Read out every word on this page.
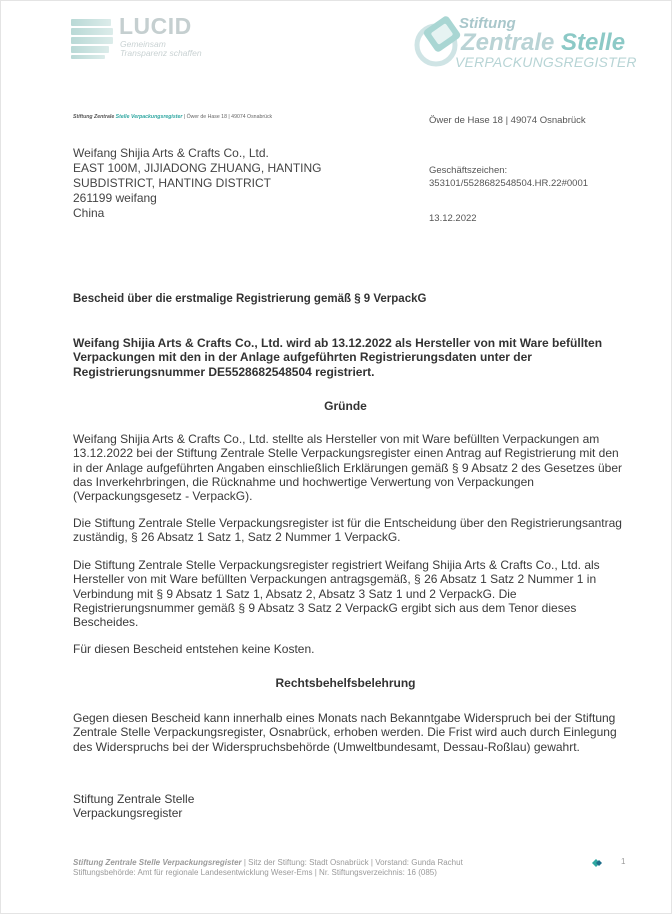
LUCID
Gemeinsam
Transparenz schaffen
Stiftung
Zentrale Stelle
VERPACKUNGSREGISTER
Stiftung Zentrale Stelle Verpackungsregister | Öwer de Hase 18 | 49074 Osnabrück	Öwer de Hase 18 | 49074 Osnabrück
Weifang Shijia Arts & Crafts Co., Ltd.
EAST 100M, JIJIADONG ZHUANG, HANTING
SUBDISTRICT, HANTING DISTRICT
261199 weifang
China
Geschäftszeichen:
353101/5528682548504.HR.22#0001
13.12.2022
Bescheid über die erstmalige Registrierung gemäß § 9 VerpackG
Weifang Shijia Arts & Crafts Co., Ltd. wird ab 13.12.2022 als Hersteller von mit Ware befüllten Verpackungen mit den in der Anlage aufgeführten Registrierungsdaten unter der Registrierungsnummer DE5528682548504 registriert.
Gründe
Weifang Shijia Arts & Crafts Co., Ltd. stellte als Hersteller von mit Ware befüllten Verpackungen am 13.12.2022 bei der Stiftung Zentrale Stelle Verpackungsregister einen Antrag auf Registrierung mit den in der Anlage aufgeführten Angaben einschließlich Erklärungen gemäß § 9 Absatz 2 des Gesetzes über das Inverkehrbringen, die Rücknahme und hochwertige Verwertung von Verpackungen (Verpackungsgesetz - VerpackG).
Die Stiftung Zentrale Stelle Verpackungsregister ist für die Entscheidung über den Registrierungsantrag zuständig, § 26 Absatz 1 Satz 1, Satz 2 Nummer 1 VerpackG.
Die Stiftung Zentrale Stelle Verpackungsregister registriert Weifang Shijia Arts & Crafts Co., Ltd. als Hersteller von mit Ware befüllten Verpackungen antragsgemäß, § 26 Absatz 1 Satz 2 Nummer 1 in Verbindung mit § 9 Absatz 1 Satz 1, Absatz 2, Absatz 3 Satz 1 und 2 VerpackG. Die Registrierungsnummer gemäß § 9 Absatz 3 Satz 2 VerpackG ergibt sich aus dem Tenor dieses Bescheides.
Für diesen Bescheid entstehen keine Kosten.
Rechtsbehelfsbelehrung
Gegen diesen Bescheid kann innerhalb eines Monats nach Bekanntgabe Widerspruch bei der Stiftung Zentrale Stelle Verpackungsregister, Osnabrück, erhoben werden. Die Frist wird auch durch Einlegung des Widerspruchs bei der Widerspruchsbehörde (Umweltbundesamt, Dessau-Roßlau) gewahrt.
Stiftung Zentrale Stelle
Verpackungsregister
Stiftung Zentrale Stelle Verpackungsregister | Sitz der Stiftung: Stadt Osnabrück | Vorstand: Gunda Rachut
Stiftungsbehörde: Amt für regionale Landesentwicklung Weser-Ems | Nr. Stiftungsverzeichnis: 16 (085)
1
